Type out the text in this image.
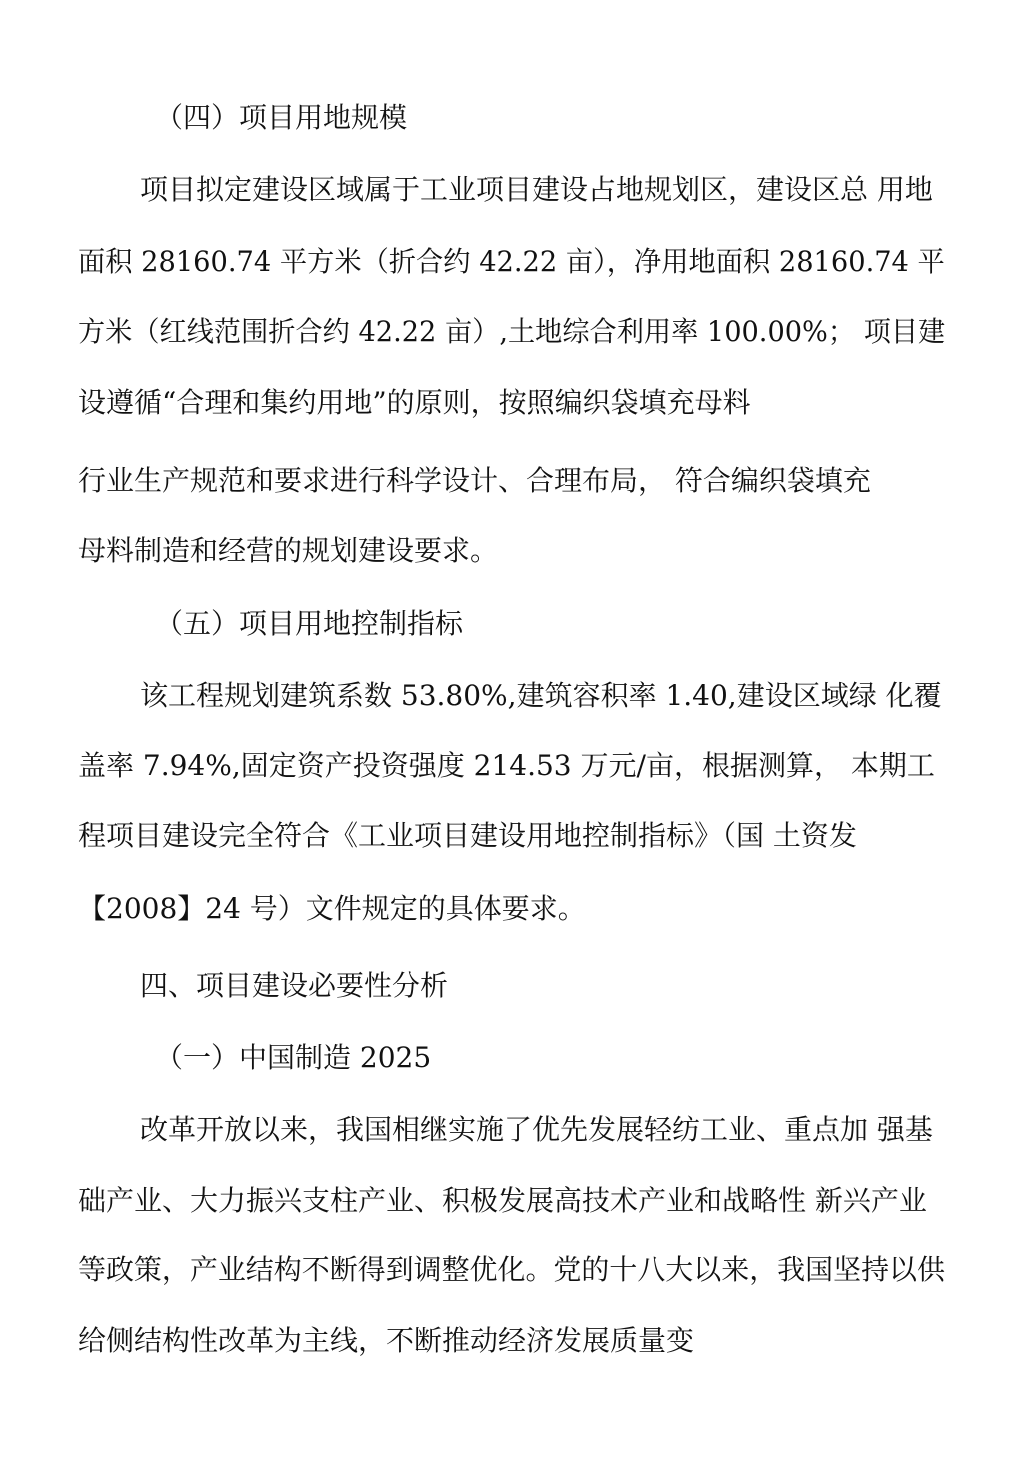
（四）项目用地规模
项目拟定建设区域属于工业项目建设占地规划区，建设区总 用地
面积 28160.74 平方米（折合约 42.22 亩），净用地面积 28160.74 平
方米（红线范围折合约 42.22 亩）,土地综合利用率 100.00%； 项目建
设遵循“合理和集约用地”的原则，按照编织袋填充母料
行业生产规范和要求进行科学设计、合理布局， 符合编织袋填充
母料制造和经营的规划建设要求。
（五）项目用地控制指标
该工程规划建筑系数 53.80%,建筑容积率 1.40,建设区域绿 化覆
盖率 7.94%,固定资产投资强度 214.53 万元/亩，根据测算， 本期工
程项目建设完全符合《工业项目建设用地控制指标》（国 土资发
【2008】24 号）文件规定的具体要求。
四、项目建设必要性分析
（一）中国制造 2025
改革开放以来，我国相继实施了优先发展轻纺工业、重点加 强基
础产业、大力振兴支柱产业、积极发展高技术产业和战略性 新兴产业
等政策，产业结构不断得到调整优化。党的十八大以来，我国坚持以供
给侧结构性改革为主线，不断推动经济发展质量变
